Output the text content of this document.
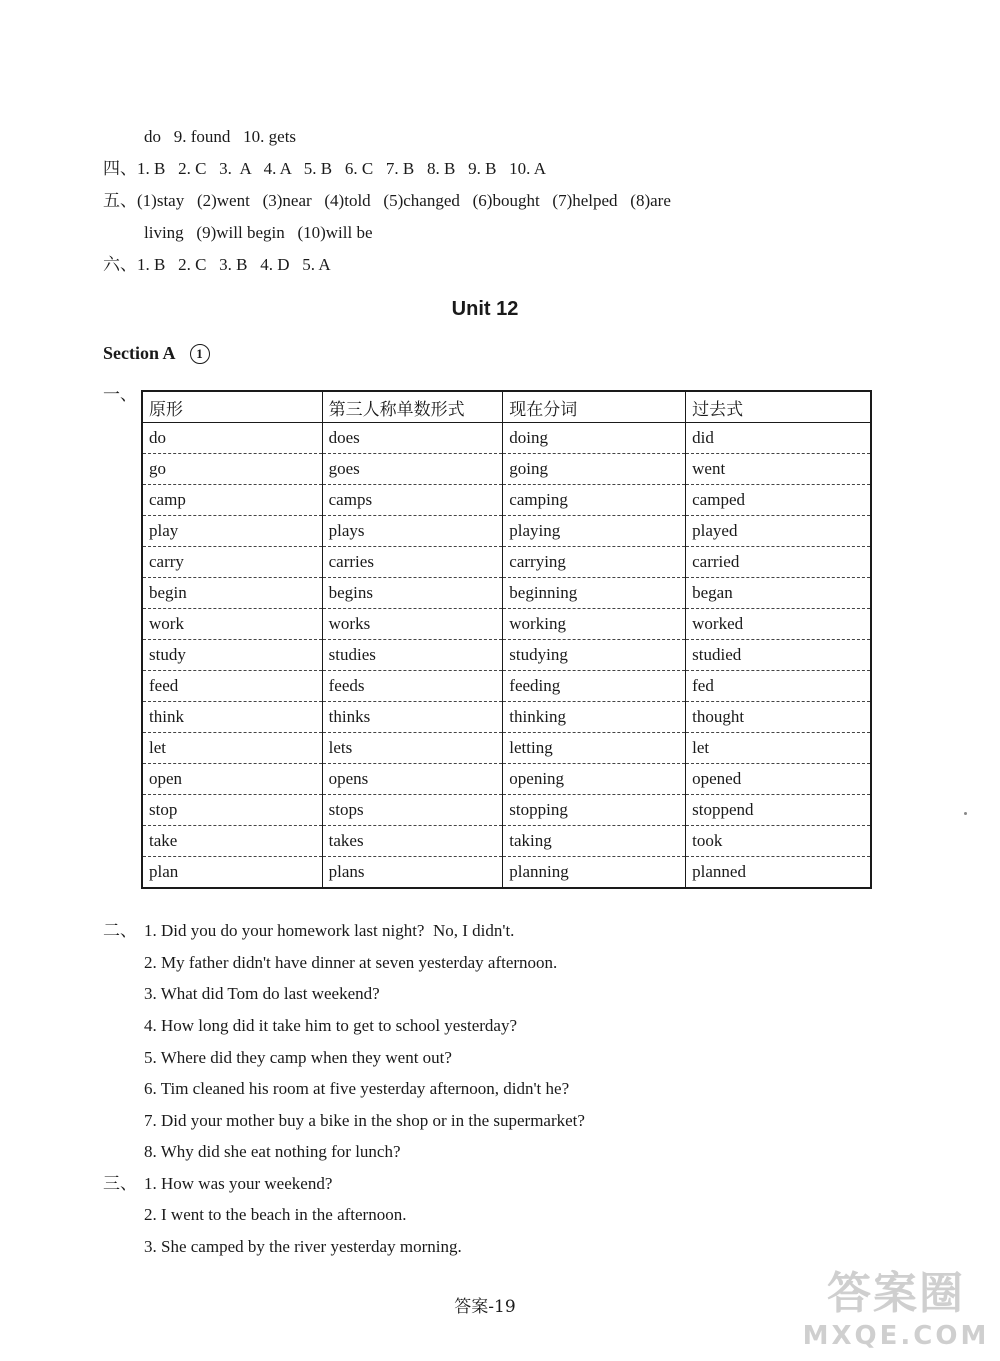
do   9. found   10. gets
四、1. B   2. C   3.  A   4. A   5. B   6. C   7. B   8. B   9. B   10. A
五、(1)stay   (2)went   (3)near   (4)told   (5)changed   (6)bought   (7)helped   (8)are
living   (9)will begin   (10)will be
六、1. B   2. C   3. B   4. D   5. A
Unit 12
Section A 1
一、
原形	第三人称单数形式	现在分词	过去式
do	does	doing	did
go	goes	going	went
camp	camps	camping	camped
play	plays	playing	played
carry	carries	carrying	carried
begin	begins	beginning	began
work	works	working	worked
study	studies	studying	studied
feed	feeds	feeding	fed
think	thinks	thinking	thought
let	lets	letting	let
open	opens	opening	opened
stop	stops	stopping	stoppend
take	takes	taking	took
plan	plans	planning	planned
二、 1. Did you do your homework last night?  No, I didn't.
2. My father didn't have dinner at seven yesterday afternoon.
3. What did Tom do last weekend?
4. How long did it take him to get to school yesterday?
5. Where did they camp when they went out?
6. Tim cleaned his room at five yesterday afternoon, didn't he?
7. Did your mother buy a bike in the shop or in the supermarket?
8. Why did she eat nothing for lunch?
三、 1. How was your weekend?
2. I went to the beach in the afternoon.
3. She camped by the river yesterday morning.
答案-19	答案圈
MXQE.COM
